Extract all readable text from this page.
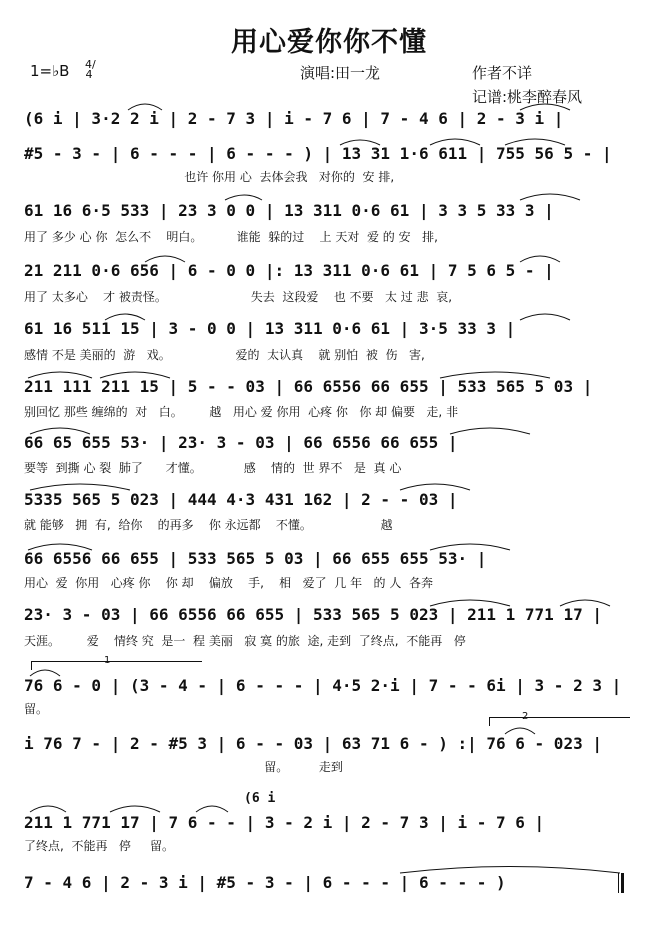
用心爱你你不懂
1=♭B 4/4	演唱:田一龙	作者不详
记谱:桃李醉春风
(6 i | 3·2 2 i | 2 - 7 3 | i - 7 6 | 7 - 4 6 | 2 - 3 i |
#5 - 3 - | 6 - - - | 6 - - - ) | 13 31 1·6 611 | 755 56 5 - |
也许 你用 心  去体会我   对你的  安 排,
61 16 6·5 533 | 23 3 0 0 | 13 311 0·6 61 | 3 3 5 33 3 |
用了 多少 心 你  怎么不    明白。         谁能  躲的过    上 天对  爱 的 安   排,
21 211 0·6 656 | 6 - 0 0 |: 13 311 0·6 61 | 7 5 6 5 - |
用了 太多心    才 被责怪。                      失去  这段爱    也 不要   太 过 悲  哀,
61 16 511 15 | 3 - 0 0 | 13 311 0·6 61 | 3·5 33 3 |
感情 不是 美丽的  游   戏。                 爱的  太认真    就 别怕  被  伤   害,
211 111 211 15 | 5 - - 03 | 66 6556 66 655 | 533 565 5 03 |
别回忆 那些 缠绵的  对   白。       越   用心 爱 你用  心疼 你   你 却 偏要   走, 非
66 65 655 53· | 23· 3 - 03 | 66 6556 66 655 |
要等  到撕 心 裂  肺了      才懂。           感    情的  世 界不   是  真 心
5335 565 5 023 | 444 4·3 431 162 | 2 - - 03 |
就 能够   拥  有,  给你    的再多    你 永远都    不懂。                  越
66 6556 66 655 | 533 565 5 03 | 66 655 655 53· |
用心  爱  你用   心疼 你    你 却    偏放    手,    相   爱了  几 年   的 人  各奔
23· 3 - 03 | 66 6556 66 655 | 533 565 5 023 | 211 1 771 17 |
天涯。       爱    情终 究  是一  程 美丽   寂 寞 的旅  途, 走到  了终点,  不能再   停
1
76 6 - 0 | (3 - 4 - | 6 - - - | 4·5 2·i | 7 - - 6i | 3 - 2 3 |
留。
2
i 76 7 - | 2 - #5 3 | 6 - - 03 | 63 71 6 - ) :| 76 6 - 023 |
留。        走到
(6 i
211 1 771 17 | 7 6 - - | 3 - 2 i | 2 - 7 3 | i - 7 6 |
了终点,  不能再   停     留。
7 - 4 6 | 2 - 3 i | #5 - 3 - | 6 - - - | 6 - - - )
